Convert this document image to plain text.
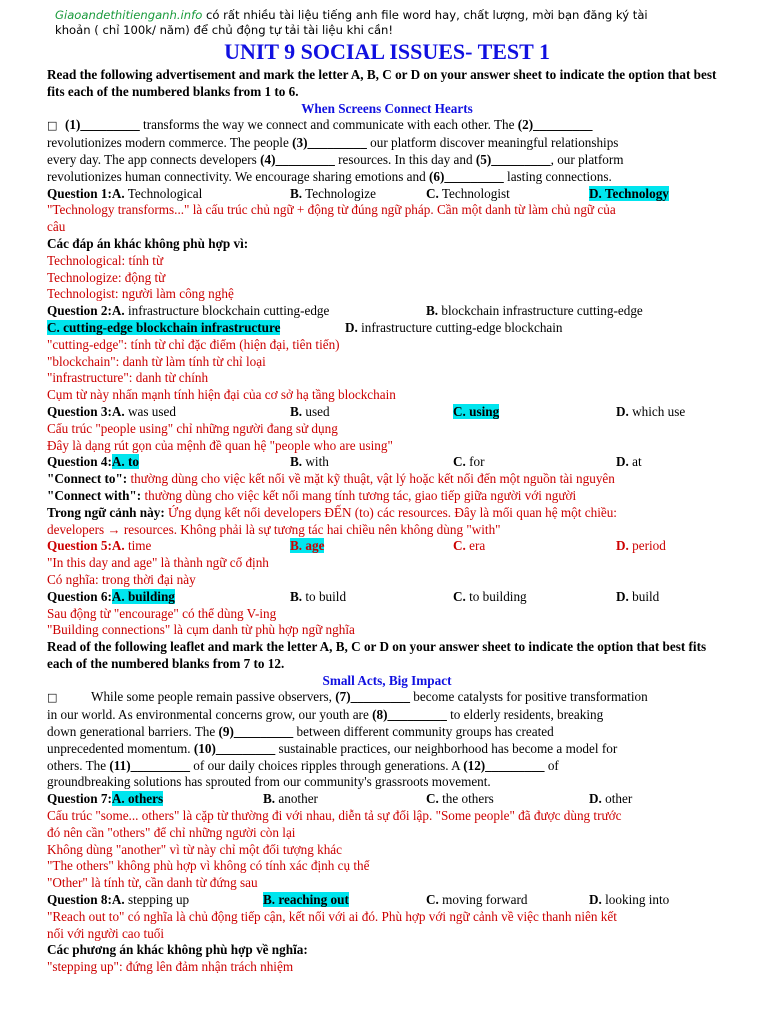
Giaoandethitienganh.info có rất nhiều tài liệu tiếng anh file word hay, chất lượng, mời bạn đăng ký tài
khoản ( chỉ 100k/ năm) để chủ động tự tải tài liệu khi cần!
UNIT 9 SOCIAL ISSUES- TEST 1
Read the following advertisement and mark the letter A, B, C or D on your answer sheet to indicate the option that best fits each of the numbered blanks from 1 to 6.
When Screens Connect Hearts
□ (1)_________ transforms the way we connect and communicate with each other. The (2)_________
revolutionizes modern commerce. The people (3)_________ our platform discover meaningful relationships
every day. The app connects developers (4)_________ resources. In this day and (5)_________, our platform
revolutionizes human connectivity. We encourage sharing emotions and (6)_________ lasting connections.
Question 1:A. Technological	B. Technologize	C. Technologist	D. Technology
"Technology transforms..." là cấu trúc chủ ngữ + động từ đúng ngữ pháp. Cần một danh từ làm chủ ngữ của
câu
Các đáp án khác không phù hợp vì:
Technological: tính từ
Technologize: động từ
Technologist: người làm công nghệ
Question 2:A. infrastructure blockchain cutting-edge	B. blockchain infrastructure cutting-edge
C. cutting-edge blockchain infrastructure	D. infrastructure cutting-edge blockchain
"cutting-edge": tính từ chỉ đặc điểm (hiện đại, tiên tiến)
"blockchain": danh từ làm tính từ chỉ loại
"infrastructure": danh từ chính
Cụm từ này nhấn mạnh tính hiện đại của cơ sở hạ tầng blockchain
Question 3:A. was used	B. used	C. using	D. which use
Cấu trúc "people using" chỉ những người đang sử dụng
Đây là dạng rút gọn của mệnh đề quan hệ "people who are using"
Question 4:A. to	B. with	C. for	D. at
"Connect to": thường dùng cho việc kết nối về mặt kỹ thuật, vật lý hoặc kết nối đến một nguồn tài nguyên
"Connect with": thường dùng cho việc kết nối mang tính tương tác, giao tiếp giữa người với người
Trong ngữ cảnh này: Ứng dụng kết nối developers ĐẾN (to) các resources. Đây là mối quan hệ một chiều:
developers → resources. Không phải là sự tương tác hai chiều nên không dùng "with"
Question 5:A. time	B. age	C. era	D. period
"In this day and age" là thành ngữ cố định
Có nghĩa: trong thời đại này
Question 6:A. building	B. to build	C. to building	D. build
Sau động từ "encourage" có thể dùng V-ing
"Building connections" là cụm danh từ phù hợp ngữ nghĩa
Read of the following leaflet and mark the letter A, B, C or D on your answer sheet to indicate the option that best fits each of the numbered blanks from 7 to 12.
Small Acts, Big Impact
□	While some people remain passive observers, (7)_________ become catalysts for positive transformation
in our world. As environmental concerns grow, our youth are (8)_________ to elderly residents, breaking
down generational barriers. The (9)_________ between different community groups has created
unprecedented momentum. (10)_________ sustainable practices, our neighborhood has become a model for
others. The (11)_________ of our daily choices ripples through generations. A (12)_________ of
groundbreaking solutions has sprouted from our community's grassroots movement.
Question 7:A. others	B. another	C. the others	D. other
Cấu trúc "some... others" là cặp từ thường đi với nhau, diễn tả sự đối lập. "Some people" đã được dùng trước
đó nên cần "others" để chỉ những người còn lại
Không dùng "another" vì từ này chỉ một đối tượng khác
"The others" không phù hợp vì không có tính xác định cụ thể
"Other" là tính từ, cần danh từ đứng sau
Question 8:A. stepping up	B. reaching out	C. moving forward	D. looking into
"Reach out to" có nghĩa là chủ động tiếp cận, kết nối với ai đó. Phù hợp với ngữ cảnh về việc thanh niên kết
nối với người cao tuổi
Các phương án khác không phù hợp về nghĩa:
"stepping up": đứng lên đảm nhận trách nhiệm
